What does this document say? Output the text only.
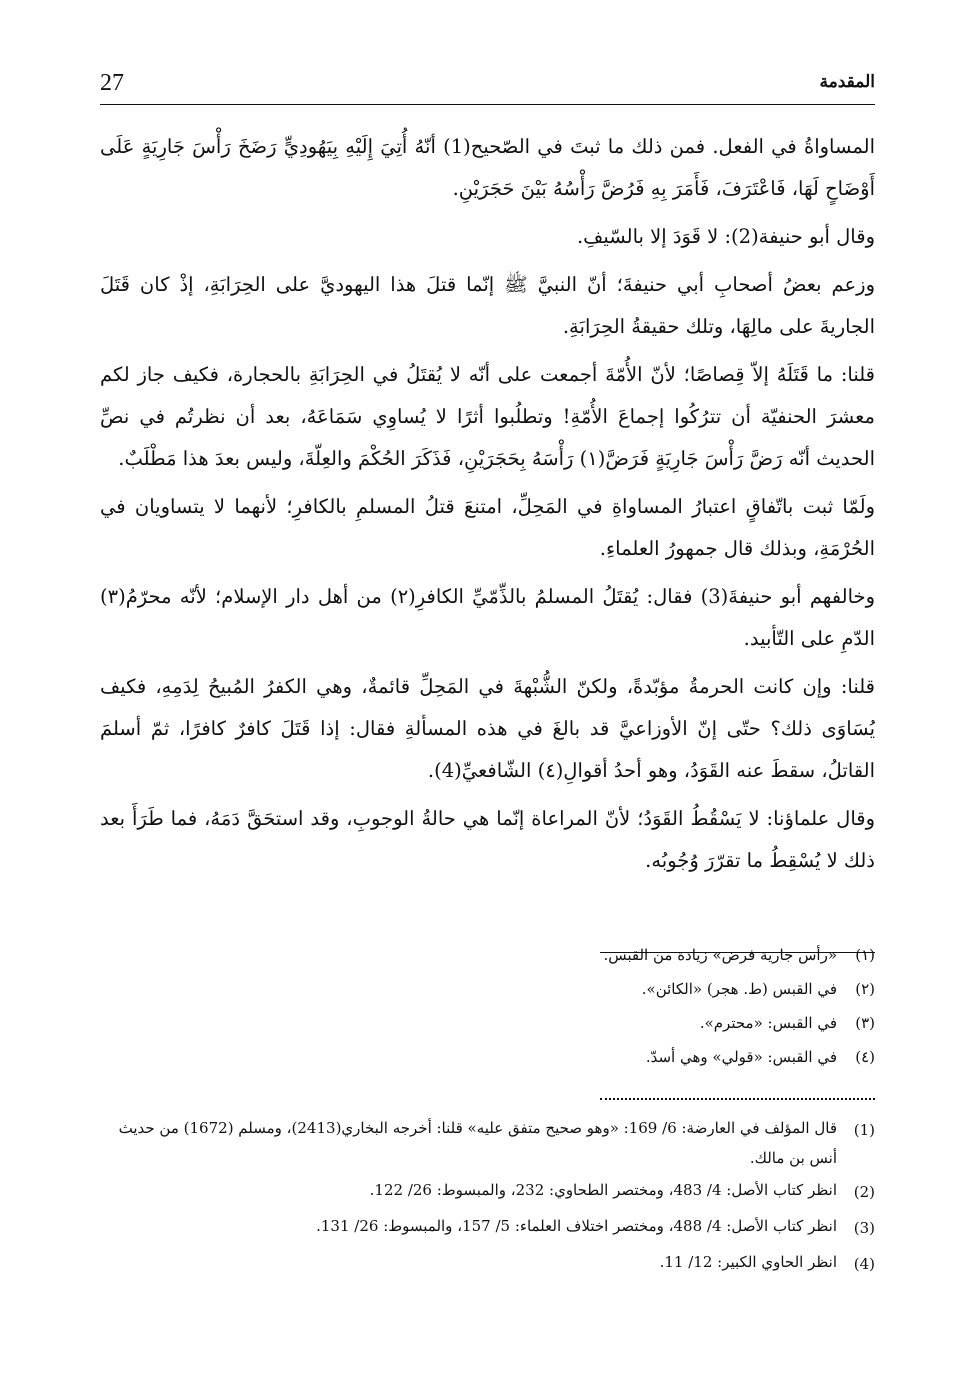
27	المقدمة

المساواةُ في الفعل. فمن ذلك ما ثبتَ في الصّحيح(1) أنّهُ أُتِيَ إِلَيْهِ بِيَهُودِيٍّ رَضَخَ رَأْسَ جَارِيَةٍ عَلَى أَوْضَاحٍ لَهَا، فَاعْتَرَفَ، فَأَمَرَ بِهِ فَرُضَّ رَأْسُهُ بَيْنَ حَجَرَيْنِ.

وقال أبو حنيفة(2): لا قَوَدَ إلا بالسّيفِ.

وزعم بعضُ أصحابِ أبي حنيفةَ؛ أنّ النبيَّ ﷺ إنّما قتلَ هذا اليهوديَّ على الحِرَابَةِ، إذْ كان قَتَلَ الجاريةَ على مالِهَا، وتلك حقيقةُ الحِرَابَةِ.

قلنا: ما قَتَلَهُ إلاّ قِصاصًا؛ لأنّ الأُمّةَ أجمعت على أنّه لا يُقتَلُ في الحِرَابَةِ بالحجارة، فكيف جاز لكم معشرَ الحنفيّة أن تترُكُوا إجماعَ الأُمّةِ! وتطلُبوا أثرًا لا يُساوِي سَمَاعَهُ، بعد أن نظرتُم في نصِّ الحديث أنّه رَضَّ رَأْسَ جَارِيَةٍ فَرَضَّ(١) رَأْسَهُ بِحَجَرَيْنِ، فَذَكَرَ الحُكْمَ والعِلّةَ، وليس بعدَ هذا مَطْلَبٌ.

ولَمّا ثبت باتّفاقٍ اعتبارُ المساواةِ في المَحِلِّ، امتنعَ قتلُ المسلمِ بالكافرِ؛ لأنهما لا يتساويان في الحُرْمَةِ، وبذلك قال جمهورُ العلماءِ.

وخالفهم أبو حنيفةَ(3) فقال: يُقتَلُ المسلمُ بالذِّمّيِّ الكافرِ(٢) من أهل دار الإسلام؛ لأنّه محرّمُ(٣) الدّمِ على التّأبيد.

قلنا: وإن كانت الحرمةُ مؤبّدةً، ولكنّ الشُّبْهةَ في المَحِلِّ قائمةٌ، وهي الكفرُ المُبيحُ لِدَمِهِ، فكيف يُسَاوَى ذلك؟ حتّى إنّ الأوزاعيَّ قد بالغَ في هذه المسألةِ فقال: إذا قَتَلَ كافرٌ كافرًا، ثمّ أسلمَ القاتلُ، سقطَ عنه القَوَدُ، وهو أحدُ أقوالِ(٤) الشّافعيِّ(4).

وقال علماؤنا: لا يَسْقُطُ القَوَدُ؛ لأنّ المراعاة إنّما هي حالةُ الوجوبِ، وقد استحَقَّ دَمَهُ، فما طَرَأَ بعد ذلك لا يُسْقِطُ ما تقرّرَ وُجُوبُه.

(١)
«رأس جارية فرض» زيادة من القبس.
(٢)
في القبس (ط. هجر) «الكائن».
(٣)
في القبس: «محترم».
(٤)
في القبس: «قولي» وهي أسدّ.
(1)
قال المؤلف في العارضة: 6/ 169: «وهو صحيح متفق عليه» قلنا: أخرجه البخاري(2413)، ومسلم (1672) من حديث أنس بن مالك.
(2)
انظر كتاب الأصل: 4/ 483، ومختصر الطحاوي: 232، والمبسوط: 26/ 122.
(3)
انظر كتاب الأصل: 4/ 488، ومختصر اختلاف العلماء: 5/ 157، والمبسوط: 26/ 131.
(4)
انظر الحاوي الكبير: 12/ 11.
